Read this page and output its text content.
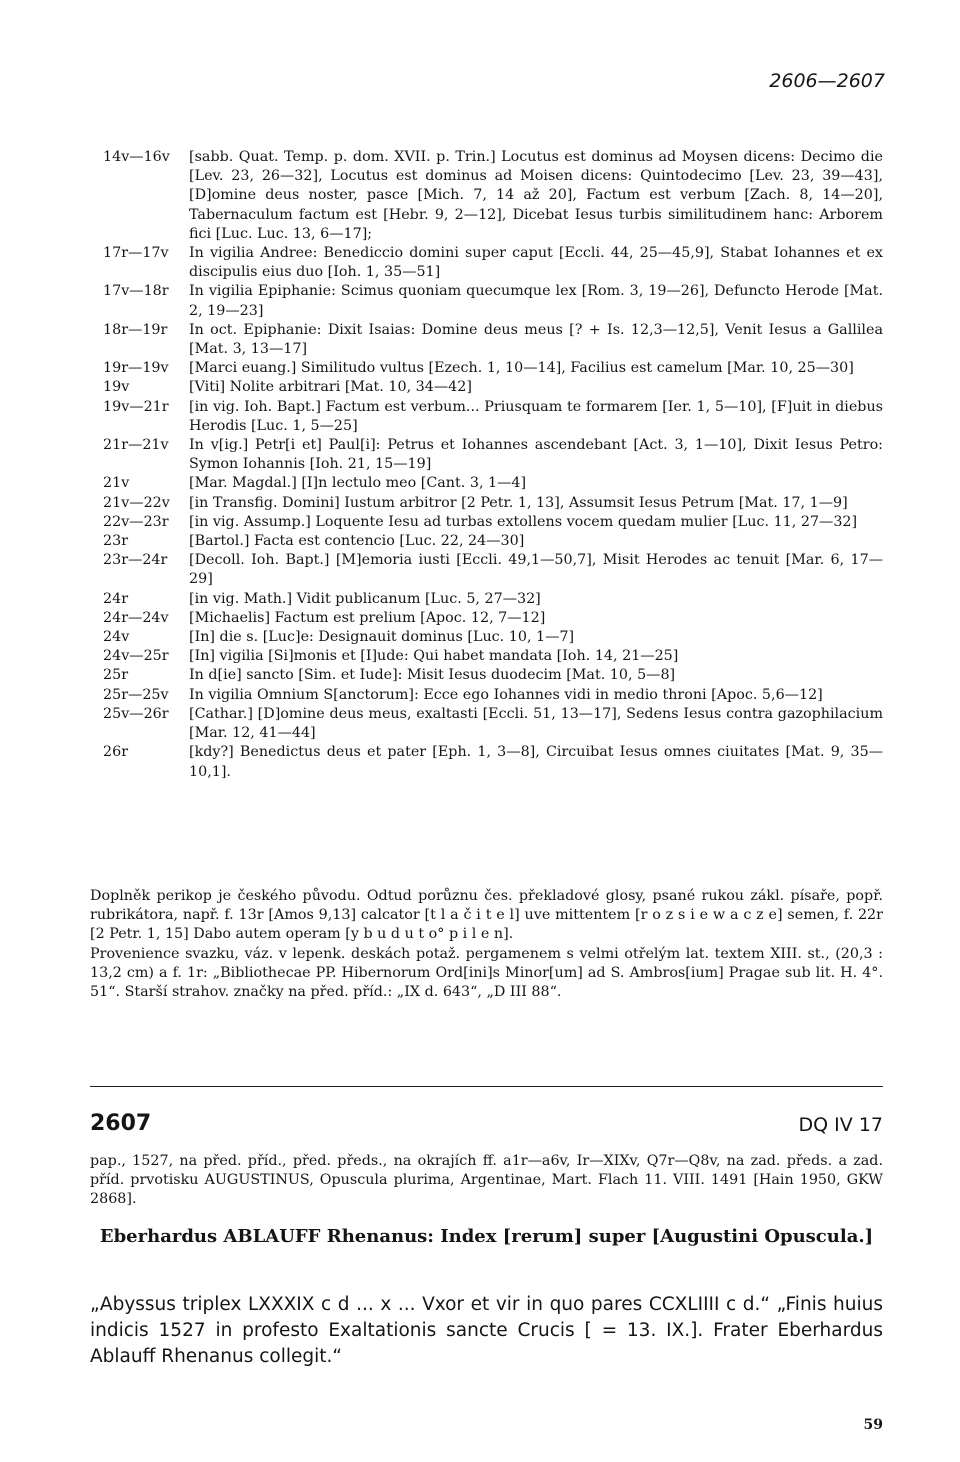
2606—2607
14v—16v	[sabb. Quat. Temp. p. dom. XVII. p. Trin.] Locutus est dominus ad Moysen dicens: Decimo die [Lev. 23, 26—32], Locutus est dominus ad Moisen dicens: Quintodecimo [Lev. 23, 39—43], [D]omine deus noster, pasce [Mich. 7, 14 až 20], Factum est verbum [Zach. 8, 14—20], Tabernaculum factum est [Hebr. 9, 2—12], Dicebat Iesus turbis similitudinem hanc: Arborem fici [Luc. Luc. 13, 6—17];
17r—17v	In vigilia Andree: Benediccio domini super caput [Eccli. 44, 25—45,9], Stabat Iohannes et ex discipulis eius duo [Ioh. 1, 35—51]
17v—18r	In vigilia Epiphanie: Scimus quoniam quecumque lex [Rom. 3, 19—26], Defuncto Herode [Mat. 2, 19—23]
18r—19r	In oct. Epiphanie: Dixit Isaias: Domine deus meus [? + Is. 12,3—12,5], Venit Iesus a Gallilea [Mat. 3, 13—17]
19r—19v	[Marci euang.] Similitudo vultus [Ezech. 1, 10—14], Facilius est camelum [Mar. 10, 25—30]
19v	[Viti] Nolite arbitrari [Mat. 10, 34—42]
19v—21r	[in vig. Ioh. Bapt.] Factum est verbum... Priusquam te formarem [Ier. 1, 5—10], [F]uit in diebus Herodis [Luc. 1, 5—25]
21r—21v	In v[ig.] Petr[i et] Paul[i]: Petrus et Iohannes ascendebant [Act. 3, 1—10], Dixit Iesus Petro: Symon Iohannis [Ioh. 21, 15—19]
21v	[Mar. Magdal.] [I]n lectulo meo [Cant. 3, 1—4]
21v—22v	[in Transfig. Domini] Iustum arbitror [2 Petr. 1, 13], Assumsit Iesus Petrum [Mat. 17, 1—9]
22v—23r	[in vig. Assump.] Loquente Iesu ad turbas extollens vocem quedam mulier [Luc. 11, 27—32]
23r	[Bartol.] Facta est contencio [Luc. 22, 24—30]
23r—24r	[Decoll. Ioh. Bapt.] [M]emoria iusti [Eccli. 49,1—50,7], Misit Herodes ac tenuit [Mar. 6, 17—29]
24r	[in vig. Math.] Vidit publicanum [Luc. 5, 27—32]
24r—24v	[Michaelis] Factum est prelium [Apoc. 12, 7—12]
24v	[In] die s. [Luc]e: Designauit dominus [Luc. 10, 1—7]
24v—25r	[In] vigilia [Si]monis et [I]ude: Qui habet mandata [Ioh. 14, 21—25]
25r	In d[ie] sancto [Sim. et Iude]: Misit Iesus duodecim [Mat. 10, 5—8]
25r—25v	In vigilia Omnium S[anctorum]: Ecce ego Iohannes vidi in medio throni [Apoc. 5,6—12]
25v—26r	[Cathar.] [D]omine deus meus, exaltasti [Eccli. 51, 13—17], Sedens Iesus contra gazophilacium [Mar. 12, 41—44]
26r	[kdy?] Benedictus deus et pater [Eph. 1, 3—8], Circuibat Iesus omnes ciuitates [Mat. 9, 35—10,1].

Doplněk perikop je českého původu. Odtud porůznu čes. překladové glosy, psané rukou zákl. písaře, popř. rubrikátora, např. f. 13r [Amos 9,13] calcator [t l a č i t e l] uve mittentem [r o z s i e w a c z e] semen, f. 22r [2 Petr. 1, 15] Dabo autem operam [y b u d u t o° p i l e n].

Provenience svazku, váz. v lepenk. deskách potaž. pergamenem s velmi otřelým lat. textem XIII. st., (20,3 : 13,2 cm) a f. 1r: „Bibliothecae PP. Hibernorum Ord[ini]s Minor[um] ad S. Ambros[ium] Pragae sub lit. H. 4°. 51“. Starší strahov. značky na před. příd.: „IX d. 643“, „D III 88“.

2607	DQ IV 17
pap., 1527, na před. příd., před. předs., na okrajích ff. a1r—a6v, Ir—XIXv, Q7r—Q8v, na zad. předs. a zad. příd. prvotisku AUGUSTINUS, Opuscula plurima, Argentinae, Mart. Flach 11. VIII. 1491 [Hain 1950, GKW 2868].
Eberhardus ABLAUFF Rhenanus: Index [rerum] super [Augustini Opuscula.]
„Abyssus triplex LXXXIX c d ... x ... Vxor et vir in quo pares CCXLIIII c d.“ „Finis huius indicis 1527 in profesto Exaltationis sancte Crucis [ = 13. IX.]. Frater Eberhardus Ablauff Rhenanus collegit.“
59
